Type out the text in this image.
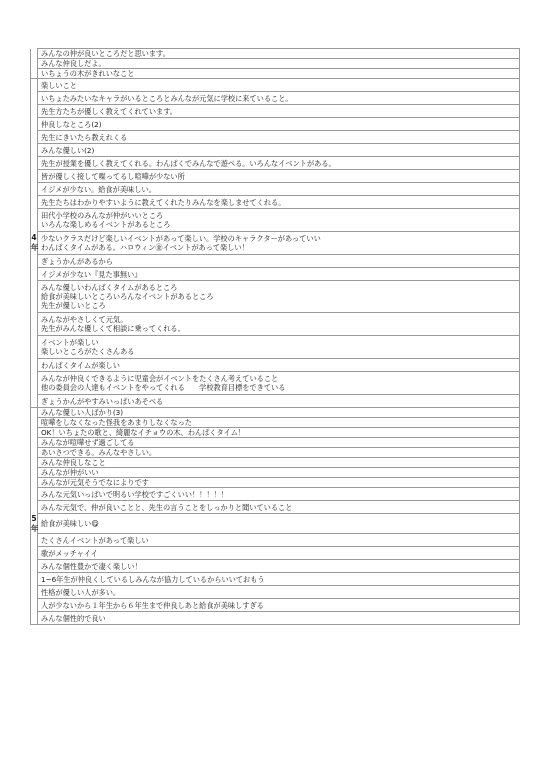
	みんなの仲が良いところだと思います。

	みんな仲良しだよ。

	いちょうの木がきれいなこと

	楽しいこと

	いちょたみたいなキャラがいるところとみんなが元気に学校に来ていること。

	先生方たちが優しく教えてくれています。

	仲良しなところ(2)

	先生にきいたら教えれくる

	みんな優しい(2)

	先生が授業を優しく教えてくれる。わんぱくでみんなで遊べる。いろんなイベントがある。

	皆が優しく接して喋ってるし喧嘩が少ない所

	イジメが少ない。給食が美味しい。

	先生たちはわかりやすいように教えてくれたりみんなを楽しませてくれる。

	田代小学校のみんなが仲がいいところ
いろんな楽しめるイベントがあるところ

4
年	少ないクラスだけど楽しいイベントがあって楽しい。学校のキャラクターがあっていい
わんぱくタイムがある。ハロウィン㊎イベントがあって楽しい！

	ぎょうかんがあるから

	イジメが少ない『見た事無い』

	みんな優しいわんぱくタイムがあるところ
給食が美味しいところいろんなイベントがあるところ
先生が優しいところ

	みんながやさしくて元気。
先生がみんな優しくて相談に乗ってくれる。

	イベントが楽しい
楽しいところがたくさんある

	わんぱくタイムが楽しい

	みんなが仲良くできるように児童会がイベントをたくさん考えていること
他の委員会の人達もイベントをやってくれる　　学校教育目標をできている

	ぎょうかんがやすみいっぱいあそべる

	みんな優しい人ばかり(3)

	喧嘩をしなくなった怪我をあまりしなくなった

	OK！いちょたの歌と、綺麗なイチョウの木、わんぱくタイム！

	みんなが喧嘩せず過ごしてる

	あいさつできる。みんなやさしい。

	みんな仲良しなこと

	みんなが仲がいい

	みんなが元気そうでなによりです

	みんな元気いっぱいで明るい学校ですごくいい！！！！！

	みんな元気で、仲が良いことと、先生の言うことをしっかりと聞いていること

5
年	給食が美味しい😋

	たくさんイベントがあって楽しい

	歌がメッチャイイ

	みんな個性豊かで凄く楽しい！

	1~6年生が仲良くしているしみんなが協力しているからいいておもう

	性格が優しい人が多い。

	人が少ないから１年生から６年生まで仲良しあと給食が美味しすぎる

	みんな個性的で良い
